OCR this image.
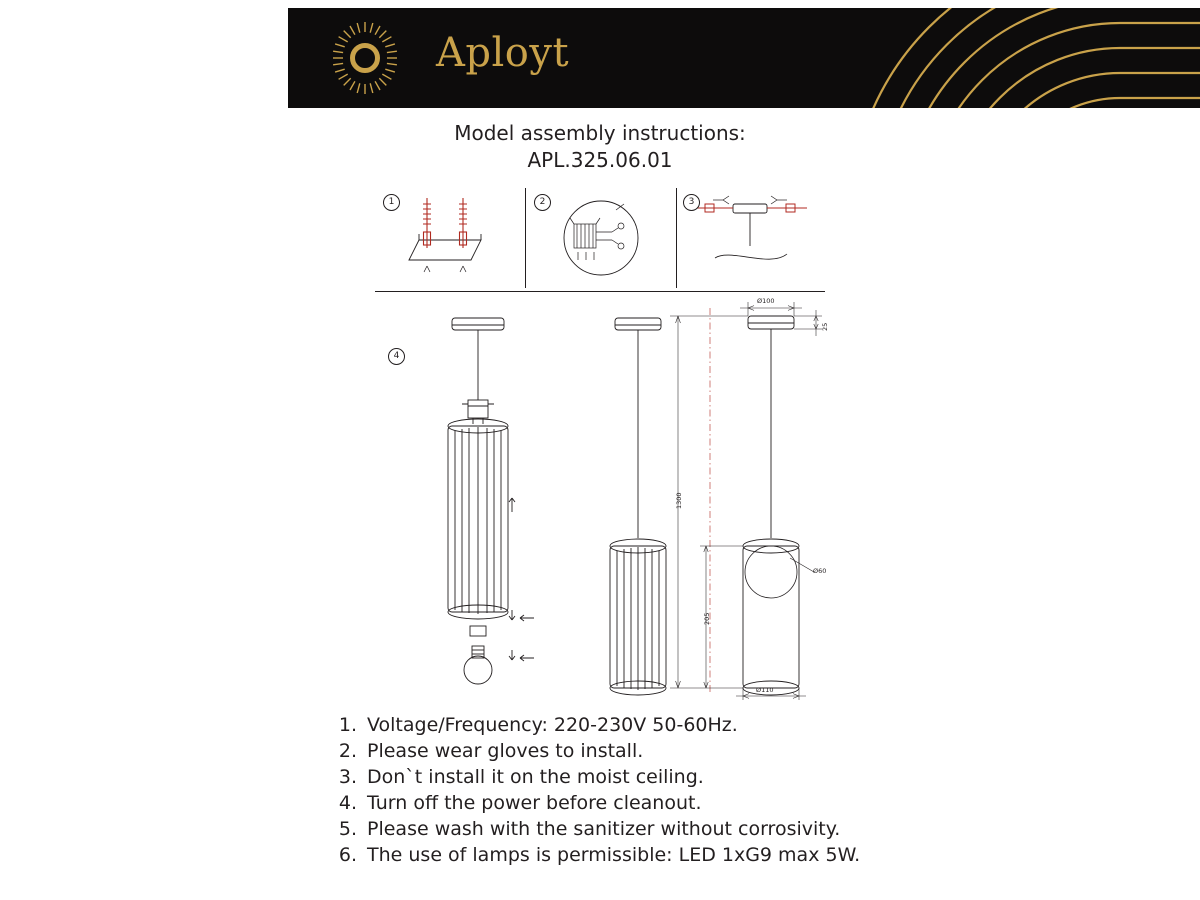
Aployt
Model assembly instructions:
APL.325.06.01
1	2	3
4
Ø100
25
1300
205
Ø110
Ø60
1. Voltage/Frequency: 220-230V 50-60Hz.
2. Please wear gloves to install.
3. Don`t install it on the moist ceiling.
4. Turn off the power before cleanout.
5. Please wash with the sanitizer without corrosivity.
6. The use of lamps is permissible: LED 1xG9 max 5W.
